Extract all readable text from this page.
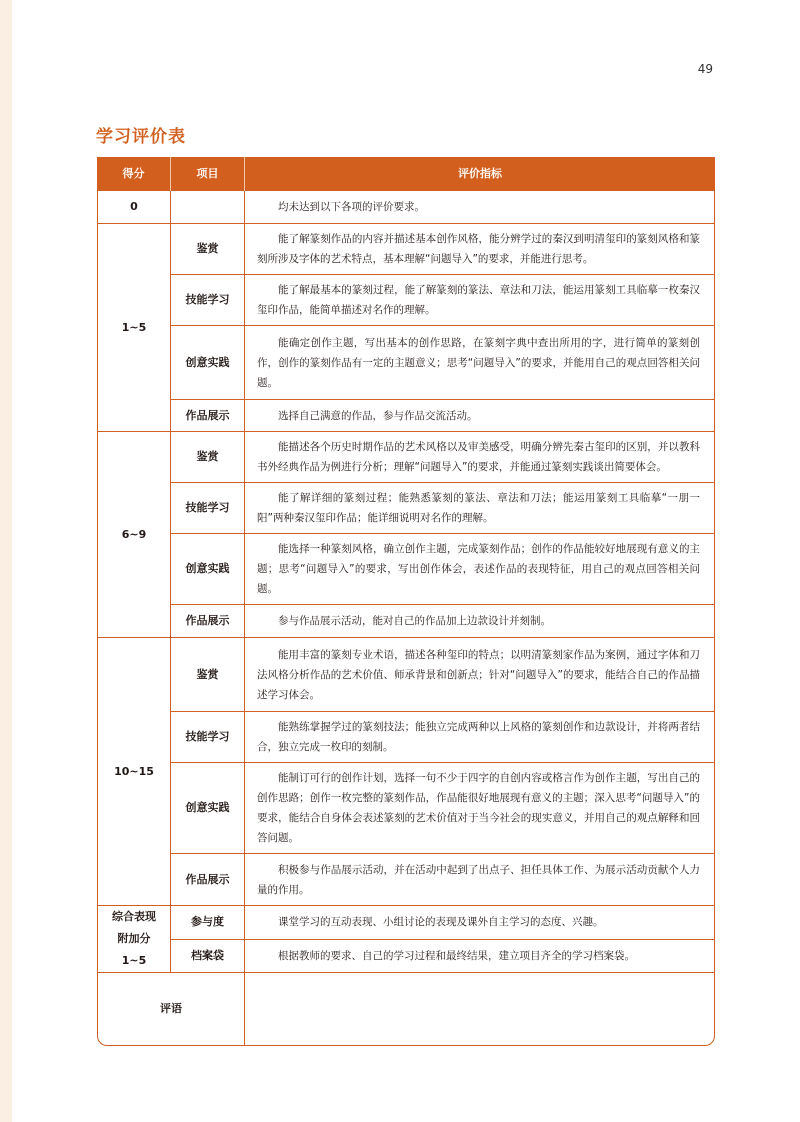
49
学习评价表
得分	项目	评价指标
0		均未达到以下各项的评价要求。

1~5	鉴赏	能了解篆刻作品的内容并描述基本创作风格，能分辨学过的秦汉到明清玺印的篆刻风格和篆刻所涉及字体的艺术特点，基本理解“问题导入”的要求，并能进行思考。

	技能学习	能了解最基本的篆刻过程，能了解篆刻的篆法、章法和刀法，能运用篆刻工具临摹一枚秦汉玺印作品，能简单描述对名作的理解。

	创意实践	能确定创作主题，写出基本的创作思路，在篆刻字典中查出所用的字，进行简单的篆刻创作，创作的篆刻作品有一定的主题意义；思考“问题导入”的要求，并能用自己的观点回答相关问题。

	作品展示	选择自己满意的作品，参与作品交流活动。

6~9	鉴赏	能描述各个历史时期作品的艺术风格以及审美感受，明确分辨先秦古玺印的区别，并以教科书外经典作品为例进行分析；理解“问题导入”的要求，并能通过篆刻实践谈出简要体会。

	技能学习	能了解详细的篆刻过程；能熟悉篆刻的篆法、章法和刀法；能运用篆刻工具临摹“一朋一阳”两种秦汉玺印作品；能详细说明对名作的理解。

	创意实践	能选择一种篆刻风格，确立创作主题，完成篆刻作品；创作的作品能较好地展现有意义的主题；思考“问题导入”的要求，写出创作体会，表述作品的表现特征，用自己的观点回答相关问题。

	作品展示	参与作品展示活动，能对自己的作品加上边款设计并刻制。

10~15	鉴赏	能用丰富的篆刻专业术语，描述各种玺印的特点；以明清篆刻家作品为案例，通过字体和刀法风格分析作品的艺术价值、师承背景和创新点；针对“问题导入”的要求，能结合自己的作品描述学习体会。

	技能学习	能熟练掌握学过的篆刻技法；能独立完成两种以上风格的篆刻创作和边款设计，并将两者结合，独立完成一枚印的刻制。

	创意实践	能制订可行的创作计划，选择一句不少于四字的自创内容或格言作为创作主题，写出自己的创作思路；创作一枚完整的篆刻作品，作品能很好地展现有意义的主题；深入思考“问题导入”的要求，能结合自身体会表述篆刻的艺术价值对于当今社会的现实意义，并用自己的观点解释和回答问题。

	作品展示	积极参与作品展示活动，并在活动中起到了出点子、担任具体工作、为展示活动贡献个人力量的作用。

综合表现附加分 1~5	参与度	课堂学习的互动表现、小组讨论的表现及课外自主学习的态度、兴趣。

	档案袋	根据教师的要求、自己的学习过程和最终结果，建立项目齐全的学习档案袋。

评语		
